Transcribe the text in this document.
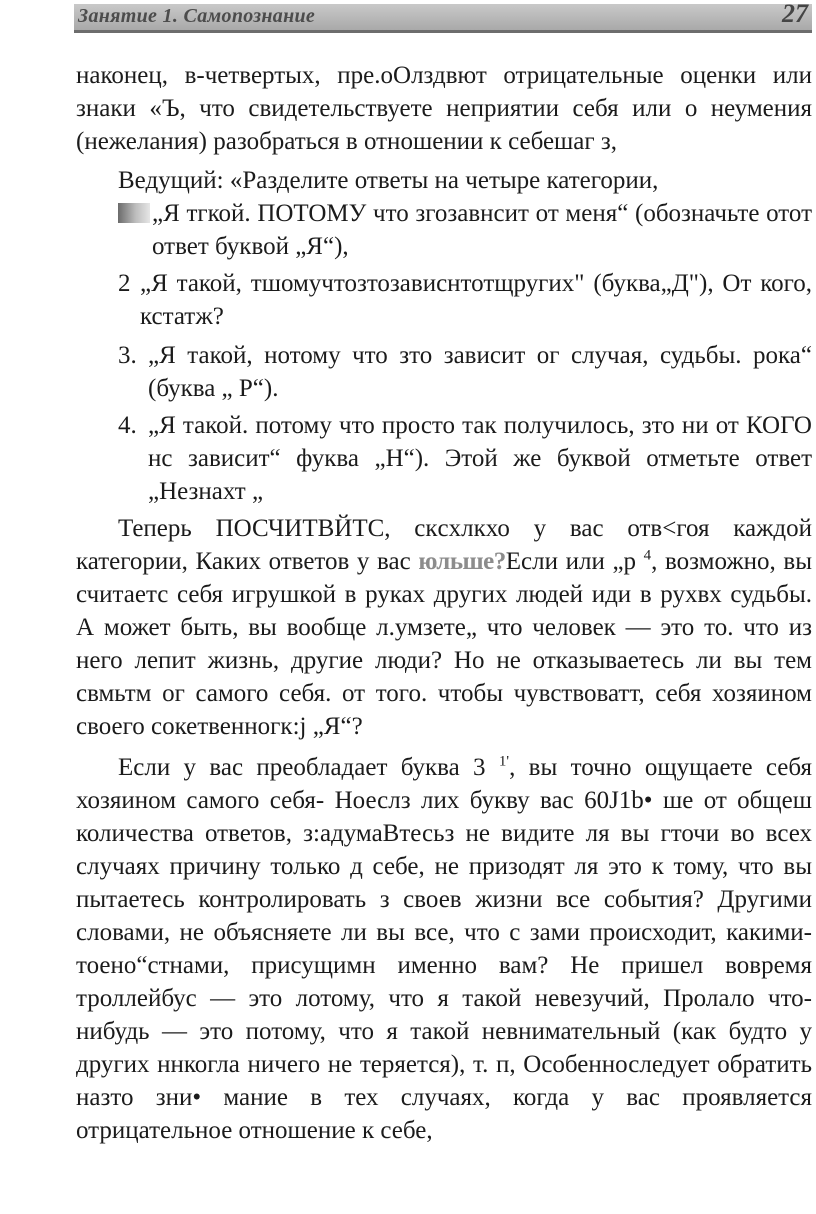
Занятие 1. Самопознание	27

наконец, в-четвертых, пре.оОлздвют отрицательные оценки или знаки «Ъ, что свидетельствуете неприятии себя или о неумения (нежелания) разобраться в отношении к себешаг з,

Ведущий: «Разделите ответы на четыре категории,

„Я тгкой. ПОТОМУ что згозавнсит от меня“ (обозначьте отот ответ буквой „Я“),
2 „Я такой, тшомучтозтозависнтотщругих" (буква„Д"), От кого, кстатж?
3. „Я такой, нотому что зто зависит ог случая, судьбы. рока“ (буква „ Р“).
4. „Я такой. потому что просто так получилось, зто ни от КОГО нс зависит“ фуква „Н“). Этой же буквой отметьте ответ „Незнахт „

Теперь ПОСЧИТВЙТС, скcхлкхо у вас отв<гоя каждой категории, Каких ответов у вас юльше?Если или „р $^4$, возможно, вы считаетс себя игрушкой в руках других людей иди в рухвх судьбы. А может быть, вы вообще л.умзете„ что человек — это то. что из него лепит жизнь, другие люди? Но не отказываетесь ли вы тем свмьтм ог самого себя. от того. чтобы чувствоватт, себя хозяином своего сокетвенногк:j „Я“?

Если у вас преобладает буква 3 $^{1'}$, вы точно ощущаете себя хозяином самого себя- Ноеслз лих букву вас 60J1b• ше от общеш количества ответов, з:адумаВтесьз не видите ля вы гточи во всех случаях причину только д себе, не призодят ля это к тому, что вы пытаетесь контролировать з своев жизни все события? Другими словами, не объясняете ли вы все, что с зами происходит, какими-тоено“стнами, присущимн именно вам? Не пришел вовремя троллейбус — это лотому, что я такой невезучий, Пролало что-нибудь — это потому, что я такой невнимательный (как будто у других ннкогла ничего не теряется), т. п, Особенноследует обратить назто зни• мание в тех случаях, когда у вас проявляется отрицательное отношение к себе,
